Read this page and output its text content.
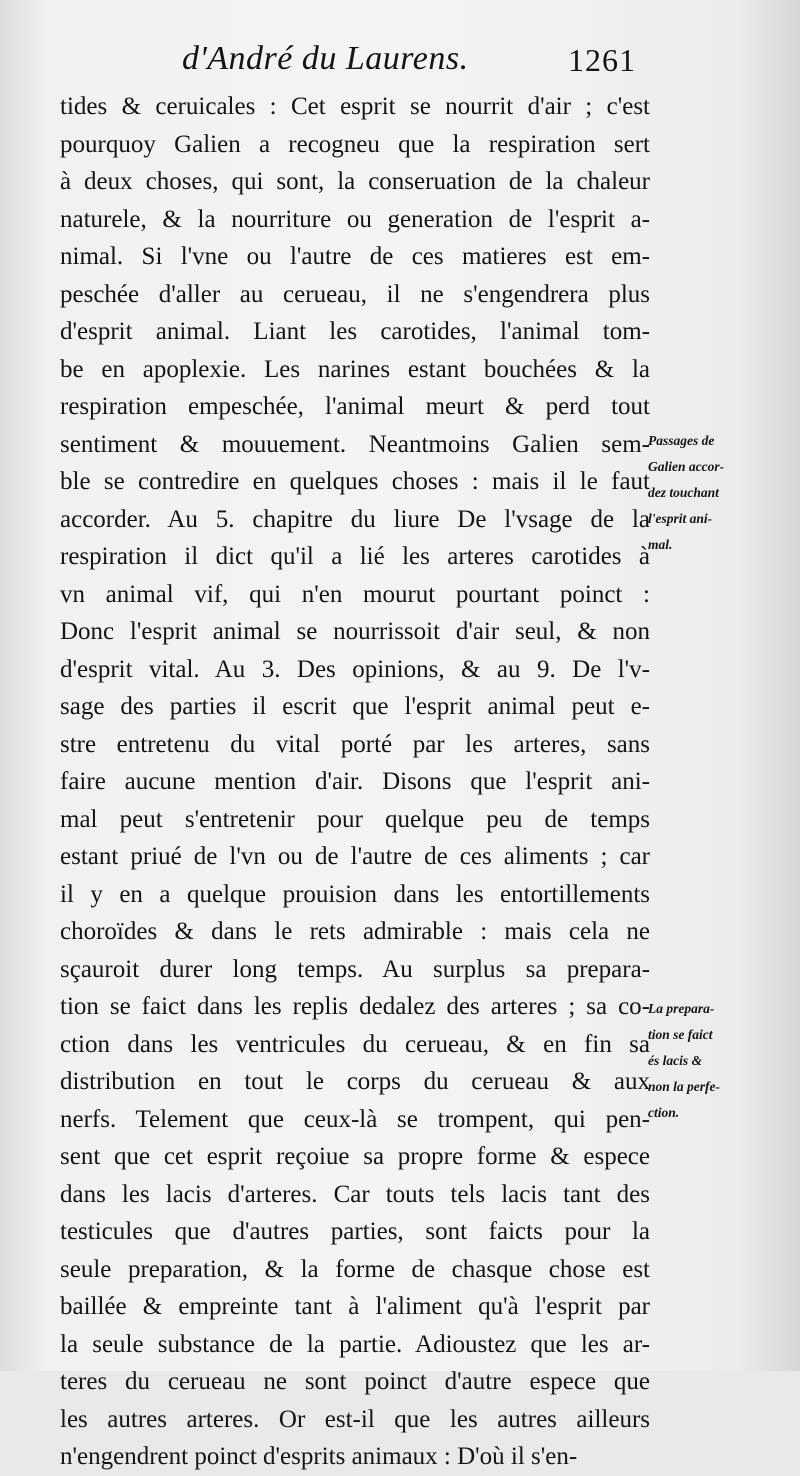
d'André du Laurens.	1261
tides & ceruicales : Cet esprit se nourrit d'air ; c'est
pourquoy Galien a recogneu que la respiration sert
à deux choses, qui sont, la conseruation de la chaleur
naturele, & la nourriture ou generation de l'esprit a-
nimal. Si l'vne ou l'autre de ces matieres est em-
peschée d'aller au cerueau, il ne s'engendrera plus
d'esprit animal. Liant les carotides, l'animal tom-
be en apoplexie. Les narines estant bouchées & la
respiration empeschée, l'animal meurt & perd tout
sentiment & mouuement. Neantmoins Galien sem-
ble se contredire en quelques choses : mais il le faut
accorder. Au 5. chapitre du liure De l'vsage de la
respiration il dict qu'il a lié les arteres carotides à
vn animal vif, qui n'en mourut pourtant poinct :
Donc l'esprit animal se nourrissoit d'air seul, & non
d'esprit vital. Au 3. Des opinions, & au 9. De l'v-
sage des parties il escrit que l'esprit animal peut e-
stre entretenu du vital porté par les arteres, sans
faire aucune mention d'air. Disons que l'esprit ani-
mal peut s'entretenir pour quelque peu de temps
estant priué de l'vn ou de l'autre de ces aliments ; car
il y en a quelque prouision dans les entortillements
choroïdes & dans le rets admirable : mais cela ne
sçauroit durer long temps. Au surplus sa prepara-
tion se faict dans les replis dedalez des arteres ; sa co-
ction dans les ventricules du cerueau, & en fin sa
distribution en tout le corps du cerueau & aux
nerfs. Telement que ceux-là se trompent, qui pen-
sent que cet esprit reçoiue sa propre forme & espece
dans les lacis d'arteres. Car touts tels lacis tant des
testicules que d'autres parties, sont faicts pour la
seule preparation, & la forme de chasque chose est
baillée & empreinte tant à l'aliment qu'à l'esprit par
la seule substance de la partie. Adioustez que les ar-
teres du cerueau ne sont poinct d'autre espece que
les autres arteres. Or est-il que les autres ailleurs
n'engendrent poinct d'esprits animaux : D'où il s'en-
Passages de
Galien accor-
dez touchant
l'esprit ani-
mal.
La prepara-
tion se faict
és lacis &
non la perfe-
ction.
